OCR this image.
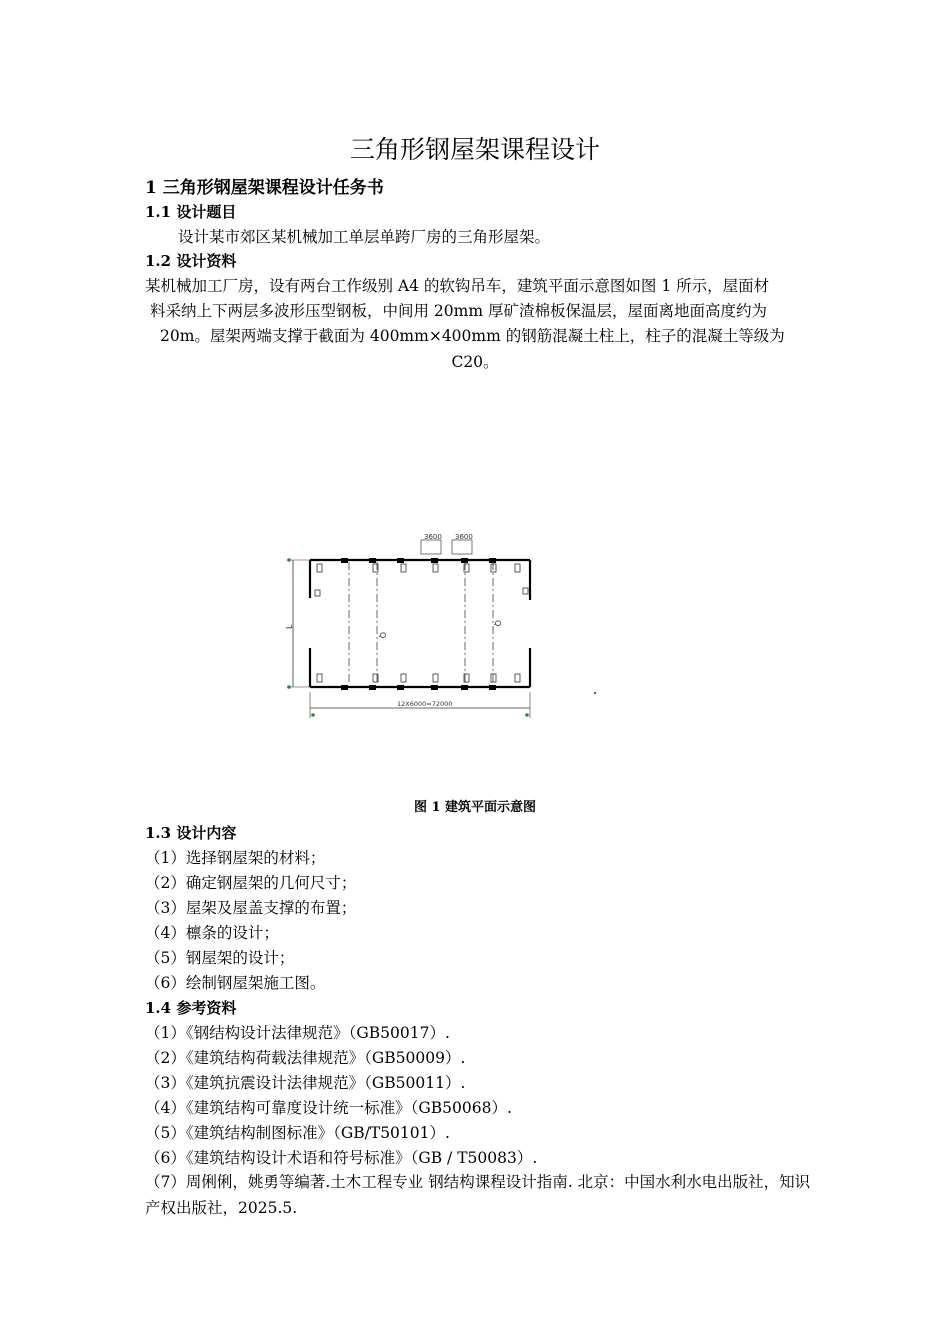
三角形钢屋架课程设计
1 三角形钢屋架课程设计任务书
1.1 设计题目
设计某市郊区某机械加工单层单跨厂房的三角形屋架。
1.2 设计资料
某机械加工厂房，设有两台工作级别 A4 的软钩吊车，建筑平面示意图如图 1 所示，屋面材
料采纳上下两层多波形压型钢板，中间用 20mm 厚矿渣棉板保温层，屋面离地面高度约为
20m。屋架两端支撑于截面为 400mm×400mm 的钢筋混凝土柱上，柱子的混凝土等级为
C20。
3600 3600
Q
Q
L
12X6000=72000
图 1 建筑平面示意图
1.3 设计内容
（1）选择钢屋架的材料；
（2）确定钢屋架的几何尺寸；
（3）屋架及屋盖支撑的布置；
（4）檩条的设计；
（5）钢屋架的设计；
（6）绘制钢屋架施工图。
1.4 参考资料
（1）《钢结构设计法律规范》（GB50017）.
（2）《建筑结构荷载法律规范》（GB50009）.
（3）《建筑抗震设计法律规范》（GB50011）.
（4）《建筑结构可靠度设计统一标准》（GB50068）.
（5）《建筑结构制图标准》（GB/T50101）.
（6）《建筑结构设计术语和符号标准》（GB / T50083）.
（7）周俐俐，姚勇等编著.土木工程专业 钢结构课程设计指南. 北京：中国水利水电出版社，知识产权出版社，2025.5.
